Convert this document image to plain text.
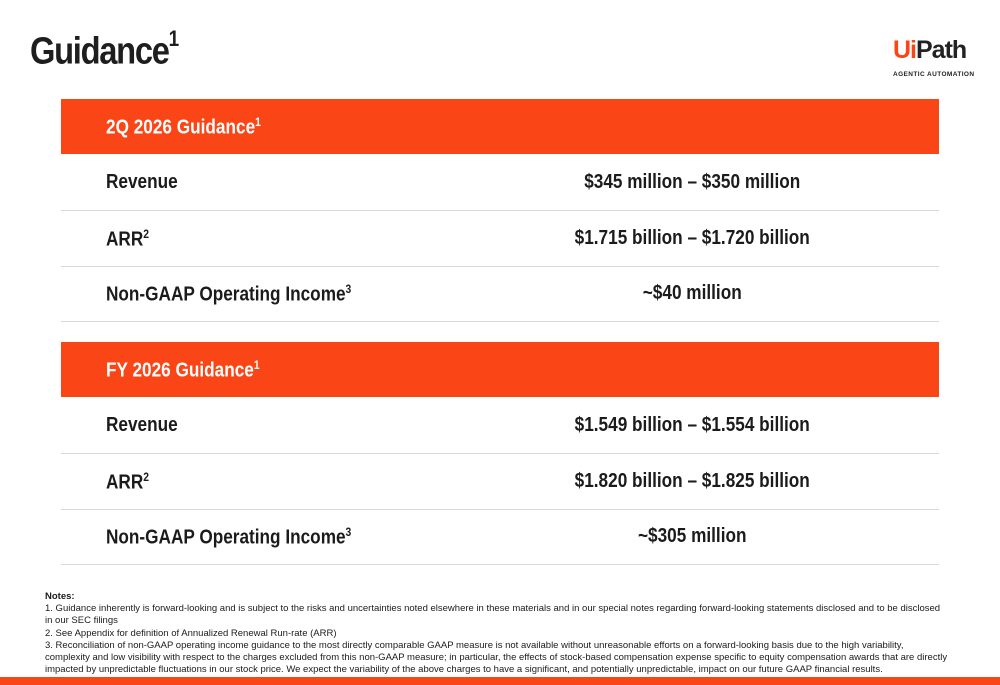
Guidance$^1$	UiPath
AGENTIC AUTOMATION
2Q 2026 Guidance$^1$
Revenue	$345 million – $350 million
ARR$^2$	$1.715 billion – $1.720 billion
Non-GAAP Operating Income$^3$	~$40 million
FY 2026 Guidance$^1$
Revenue	$1.549 billion – $1.554 billion
ARR$^2$	$1.820 billion – $1.825 billion
Non-GAAP Operating Income$^3$	~$305 million
Notes:
1. Guidance inherently is forward-looking and is subject to the risks and uncertainties noted elsewhere in these materials and in our special notes regarding forward-looking statements disclosed and to be disclosed in our SEC filings
2. See Appendix for definition of Annualized Renewal Run-rate (ARR)
3. Reconciliation of non-GAAP operating income guidance to the most directly comparable GAAP measure is not available without unreasonable efforts on a forward-looking basis due to the high variability, complexity and low visibility with respect to the charges excluded from this non-GAAP measure; in particular, the effects of stock-based compensation expense specific to equity compensation awards that are directly impacted by unpredictable fluctuations in our stock price. We expect the variability of the above charges to have a significant, and potentially unpredictable, impact on our future GAAP financial results.
